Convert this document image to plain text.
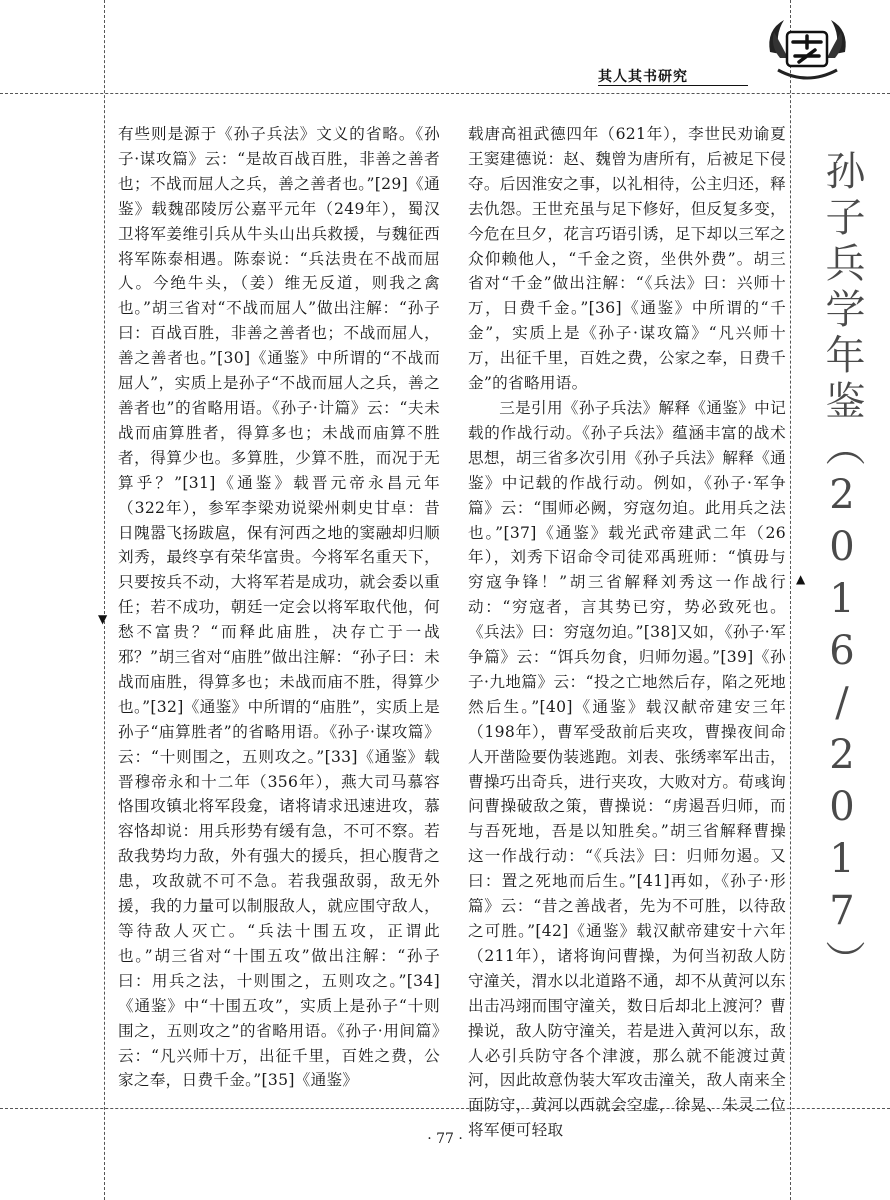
其人其书研究

有些则是源于《孙子兵法》文义的省略。《孙子·谋攻篇》云：“是故百战百胜，非善之善者也；不战而屈人之兵，善之善者也。”[29]《通鉴》载魏邵陵厉公嘉平元年（249年），蜀汉卫将军姜维引兵从牛头山出兵救援，与魏征西将军陈泰相遇。陈泰说：“兵法贵在不战而屈人。今绝牛头，（姜）维无反道，则我之禽也。”胡三省对“不战而屈人”做出注解：“孙子曰：百战百胜，非善之善者也；不战而屈人，善之善者也。”[30]《通鉴》中所谓的“不战而屈人”，实质上是孙子“不战而屈人之兵，善之善者也”的省略用语。《孙子·计篇》云：“夫未战而庙算胜者，得算多也；未战而庙算不胜者，得算少也。多算胜，少算不胜，而况于无算乎？”[31]《通鉴》载晋元帝永昌元年（322年），参军李梁劝说梁州刺史甘卓：昔日隗嚣飞扬跋扈，保有河西之地的窦融却归顺刘秀，最终享有荣华富贵。今将军名重天下，只要按兵不动，大将军若是成功，就会委以重任；若不成功，朝廷一定会以将军取代他，何愁不富贵？“而释此庙胜，决存亡于一战邪？”胡三省对“庙胜”做出注解：“孙子曰：未战而庙胜，得算多也；未战而庙不胜，得算少也。”[32]《通鉴》中所谓的“庙胜”，实质上是孙子“庙算胜者”的省略用语。《孙子·谋攻篇》云：“十则围之，五则攻之。”[33]《通鉴》载晋穆帝永和十二年（356年），燕大司马慕容恪围攻镇北将军段龛，诸将请求迅速进攻，慕容恪却说：用兵形势有缓有急，不可不察。若敌我势均力敌，外有强大的援兵，担心腹背之患，攻敌就不可不急。若我强敌弱，敌无外援，我的力量可以制服敌人，就应围守敌人，等待敌人灭亡。“兵法十围五攻，正谓此也。”胡三省对“十围五攻”做出注解：“孙子曰：用兵之法，十则围之，五则攻之。”[34]《通鉴》中“十围五攻”，实质上是孙子“十则围之，五则攻之”的省略用语。《孙子·用间篇》云：“凡兴师十万，出征千里，百姓之费，公家之奉，日费千金。”[35]《通鉴》

载唐高祖武德四年（621年），李世民劝谕夏王窦建德说：赵、魏曾为唐所有，后被足下侵夺。后因淮安之事，以礼相待，公主归还，释去仇怨。王世充虽与足下修好，但反复多变，今危在旦夕，花言巧语引诱，足下却以三军之众仰赖他人，“千金之资，坐供外费”。胡三省对“千金”做出注解：“《兵法》曰：兴师十万，日费千金。”[36]《通鉴》中所谓的“千金”，实质上是《孙子·谋攻篇》“凡兴师十万，出征千里，百姓之费，公家之奉，日费千金”的省略用语。

三是引用《孙子兵法》解释《通鉴》中记载的作战行动。《孙子兵法》蕴涵丰富的战术思想，胡三省多次引用《孙子兵法》解释《通鉴》中记载的作战行动。例如，《孙子·军争篇》云：“围师必阙，穷寇勿迫。此用兵之法也。”[37]《通鉴》载光武帝建武二年（26年），刘秀下诏命令司徒邓禹班师：“慎毋与穷寇争锋！”胡三省解释刘秀这一作战行动：“穷寇者，言其势已穷，势必致死也。《兵法》曰：穷寇勿迫。”[38]又如，《孙子·军争篇》云：“饵兵勿食，归师勿遏。”[39]《孙子·九地篇》云：“投之亡地然后存，陷之死地然后生。”[40]《通鉴》载汉献帝建安三年（198年），曹军受敌前后夹攻，曹操夜间命人开凿险要伪装逃跑。刘表、张绣率军出击，曹操巧出奇兵，进行夹攻，大败对方。荀彧询问曹操破敌之策，曹操说：“虏遏吾归师，而与吾死地，吾是以知胜矣。”胡三省解释曹操这一作战行动：“《兵法》曰：归师勿遏。又曰：置之死地而后生。”[41]再如，《孙子·形篇》云：“昔之善战者，先为不可胜，以待敌之可胜。”[42]《通鉴》载汉献帝建安十六年（211年），诸将询问曹操，为何当初敌人防守潼关，渭水以北道路不通，却不从黄河以东出击冯翊而围守潼关，数日后却北上渡河？曹操说，敌人防守潼关，若是进入黄河以东，敌人必引兵防守各个津渡，那么就不能渡过黄河，因此故意伪装大军攻击潼关，敌人南来全面防守，黄河以西就会空虚，徐晃、朱灵二位将军便可轻取

孙子兵学年鉴（2016/2017）
▼
▲
· 77 ·
